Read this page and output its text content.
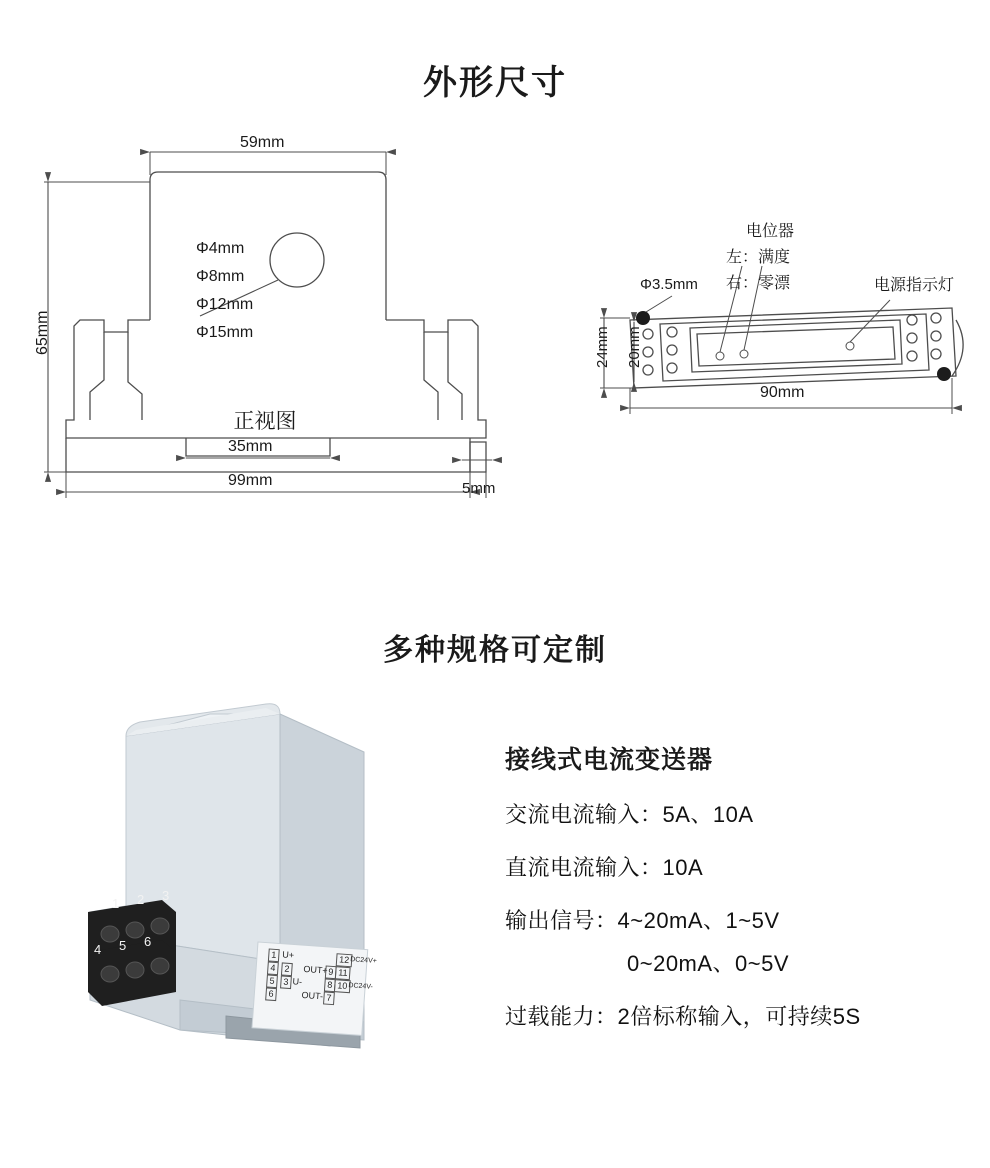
外形尺寸
59mm
65mm
Φ4mm
Φ8mm
Φ12mm
Φ15mm
35mm
99mm	5mm
Φ3.5mm
24mm 20mm
90mm
电位器
左：满度
右：零漂	电源指示灯
正视图
多种规格可定制
1 2 3
4 5 6
1 U+
4 2
5 3 U-
6
OUT+ 9 11
8
OUT- 7
12 DC24V+
10 DC24V-
接线式电流变送器
交流电流输入：5A、10A
直流电流输入：10A
输出信号：4~20mA、1~5V
0~20mA、0~5V
过载能力：2倍标称输入，可持续5S
